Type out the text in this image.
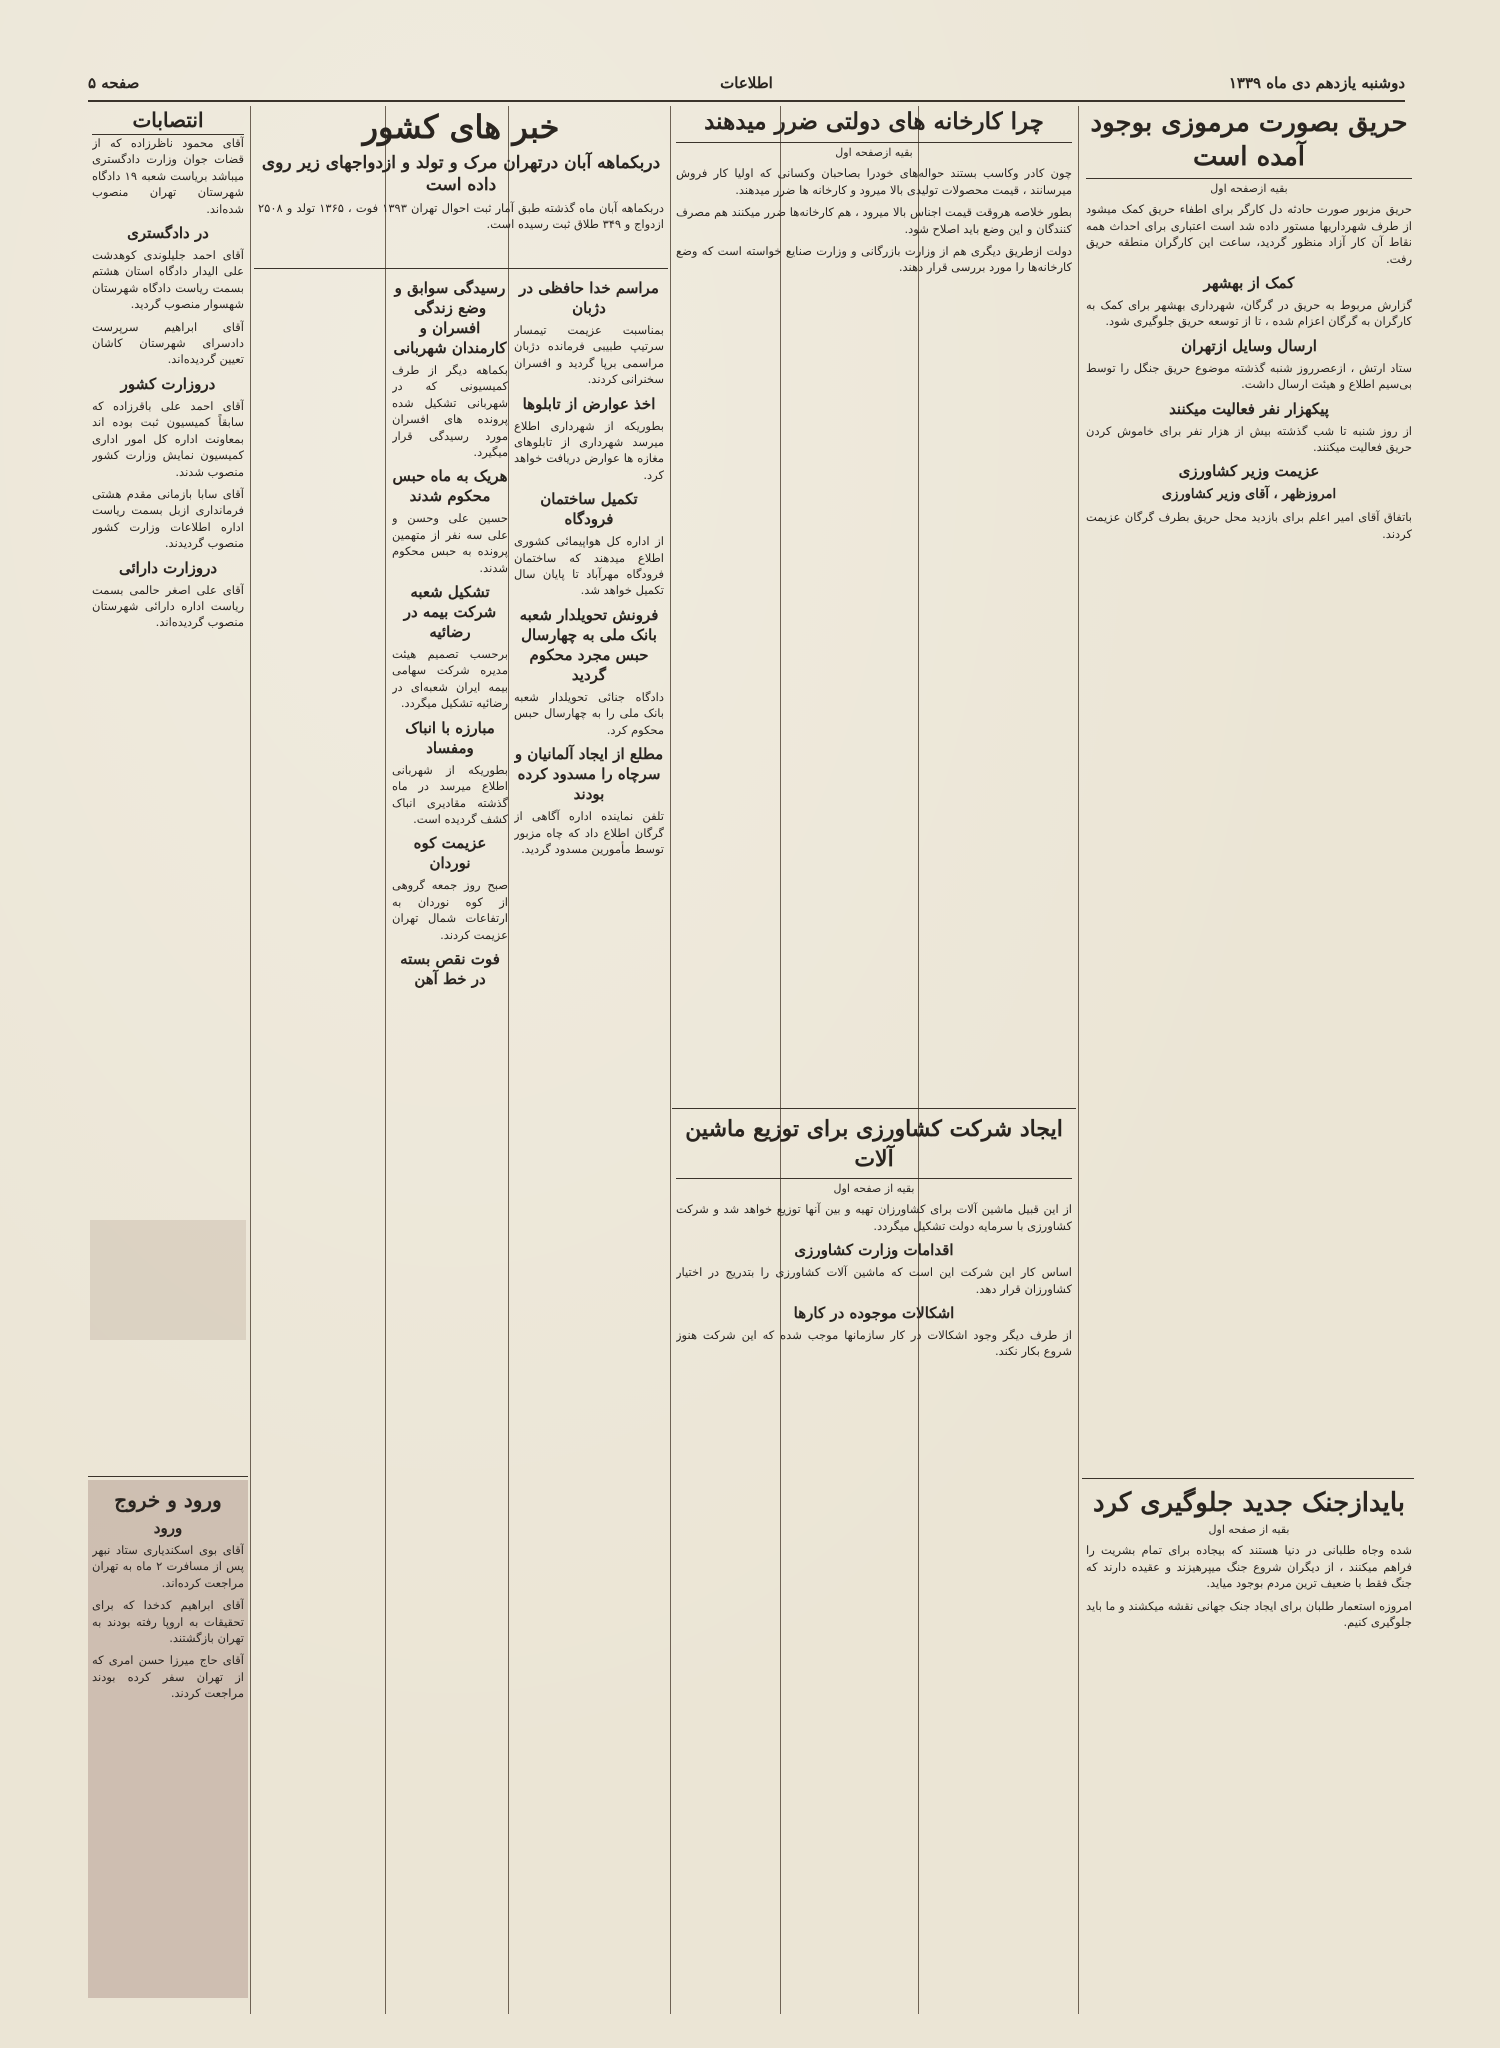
صفحه ۵	اطلاعات	دوشنبه یازدهم دی ماه ۱۳۳۹
حریق بصورت مرموزی بوجود آمده است
بقیه ازصفحه اول

حریق مزبور صورت حادثه دل کارگر برای اطفاء حریق کمک میشود از طرف شهرداریها مستور داده شد است اعتباری برای احداث همه نقاط آن کار آزاد منظور گردید، ساعت این کارگران منطقه حریق رفت.

کمک از بهشهر

گزارش مربوط به حریق در گرگان، شهرداری بهشهر برای کمک به کارگران به گرگان اعزام شده ، تا از توسعه حریق جلوگیری شود.

ارسال وسایل ازتهران

ستاد ارتش ، ازعصرروز شنبه گذشته موضوع حریق جنگل را توسط بی‌سیم اطلاع و هیئت ارسال داشت.

پیکهزار نفر فعالیت میکنند

از روز شنبه تا شب گذشته بیش از هزار نفر برای خاموش کردن حریق فعالیت میکنند.

عزیمت وزیر کشاورزی
امروزظهر ، آقای وزیر کشاورزی

باتفاق آقای امیر اعلم برای بازدید محل حریق بطرف گرگان عزیمت کردند.

بایدازجنک جدید جلوگیری کرد
بقیه از صفحه اول

شده وجاه طلبانی در دنیا هستند که بیجاده برای تمام بشریت را فراهم میکنند ، از دیگران شروع جنگ میپرهیزند و عقیده دارند که جنگ فقط با ضعیف ترین مردم بوجود میاید.

امروزه استعمار طلبان برای ایجاد جنک جهانی نقشه میکشند و ما باید جلوگیری کنیم.

چرا کارخانه های دولتی ضرر میدهند
بقیه ازصفحه اول

چون کادر وکاسب بستند حواله‌های خودرا بصاحبان وکسانی که اولیا کار فروش میرسانند ، قیمت محصولات تولیدی بالا میرود و کارخانه ها ضرر میدهند.

بطور خلاصه هروقت قیمت اجناس بالا میرود ، هم کارخانه‌ها ضرر میکنند هم مصرف کنندگان و این وضع باید اصلاح شود.

دولت ازطریق دیگری هم از وزارت بازرگانی و وزارت صنایع خواسته است که وضع کارخانه‌ها را مورد بررسی قرار دهند.

ایجاد شرکت کشاورزی برای توزیع ماشین آلات
بقیه از صفحه اول

از این قبیل ماشین آلات برای کشاورزان تهیه و بین آنها توزیع خواهد شد و شرکت کشاورزی با سرمایه دولت تشکیل میگردد.

اقدامات وزارت کشاورزی

اساس کار این شرکت این است که ماشین آلات کشاورزی را بتدریج در اختیار کشاورزان قرار دهد.

اشکالات موجوده در کارها

از طرف دیگر وجود اشکالات در کار سازمانها موجب شده که این شرکت هنوز شروع بکار نکند.

خبر های کشور
دربکماهه آبان درتهران مرک و تولد و ازدواجهای زیر روی داده است

دربکماهه آبان ماه گذشته طبق آمار ثبت احوال تهران ۱۳۹۳ فوت ، ۱۳۶۵ تولد و ۲۵۰۸ ازدواج و ۳۴۹ طلاق ثبت رسیده است.

مراسم خدا حافظی در دژبان

بمناسبت عزیمت تیمسار سرتیپ طبیبی فرمانده دژبان مراسمی برپا گردید و افسران سخنرانی کردند.

اخذ عوارض از تابلوها

بطوریکه از شهرداری اطلاع میرسد شهرداری از تابلوهای مغازه ها عوارض دریافت خواهد کرد.

تکمیل ساختمان فرودگاه

از اداره کل هواپیمائی کشوری اطلاع میدهند که ساختمان فرودگاه مهرآباد تا پایان سال تکمیل خواهد شد.

فرونش تحویلدار شعبه بانک ملی به چهارسال حبس مجرد محکوم گردید

دادگاه جنائی تحویلدار شعبه بانک ملی را به چهارسال حبس محکوم کرد.

مطلع از ایجاد آلمانیان و سرچاه را مسدود کرده بودند

تلفن نماینده اداره آگاهی از گرگان اطلاع داد که چاه مزبور توسط مأمورین مسدود گردید.

رسیدگی سوابق و وضع زندگی افسران و کارمندان شهربانی

بکماهه دیگر از طرف کمیسیونی که در شهربانی تشکیل شده پرونده های افسران مورد رسیدگی قرار میگیرد.

هریک به ماه حبس محکوم شدند

حسین علی وحسن و علی سه نفر از متهمین پرونده به حبس محکوم شدند.

تشکیل شعبه شرکت بیمه در رضائیه

برحسب تصمیم هیئت مدیره شرکت سهامی بیمه ایران شعبه‌ای در رضائیه تشکیل میگردد.

مبارزه با انباک ومفساد

بطوریکه از شهربانی اطلاع میرسد در ماه گذشته مقادیری انباک کشف گردیده است.

عزیمت کوه نوردان

صبح روز جمعه گروهی از کوه نوردان به ارتفاعات شمال تهران عزیمت کردند.

فوت نقص بسته در خط آهن
انتصابات

آقای محمود ناظرزاده که از قضات جوان وزارت دادگستری میباشد بریاست شعبه ۱۹ دادگاه شهرستان تهران منصوب شده‌اند.

در دادگستری

آقای احمد جلیلوندی کوهدشت علی الیدار دادگاه استان هشتم بسمت ریاست دادگاه شهرستان شهسوار منصوب گردید.

آقای ابراهیم سرپرست دادسرای شهرستان کاشان تعیین گردیده‌اند.

دروزارت کشور

آقای احمد علی باقرزاده که سابقاً کمیسیون ثبت بوده اند بمعاونت اداره کل امور اداری کمیسیون نمایش وزارت کشور منصوب شدند.

آقای سابا بازمانی مقدم هشتی فرمانداری ازبل بسمت ریاست اداره اطلاعات وزارت کشور منصوب گردیدند.

دروزارت دارائی

آقای علی اصغر حالمی بسمت ریاست اداره دارائی شهرستان منصوب گردیده‌اند.

ورود و خروج
ورود

آقای بوی اسکندیاری ستاد نبهر پس از مسافرت ۲ ماه به تهران مراجعت کرده‌اند.

آقای ابراهیم کدخدا که برای تحقیقات به اروپا رفته بودند به تهران بازگشتند.

آقای حاج میرزا حسن امری که از تهران سفر کرده بودند مراجعت کردند.
